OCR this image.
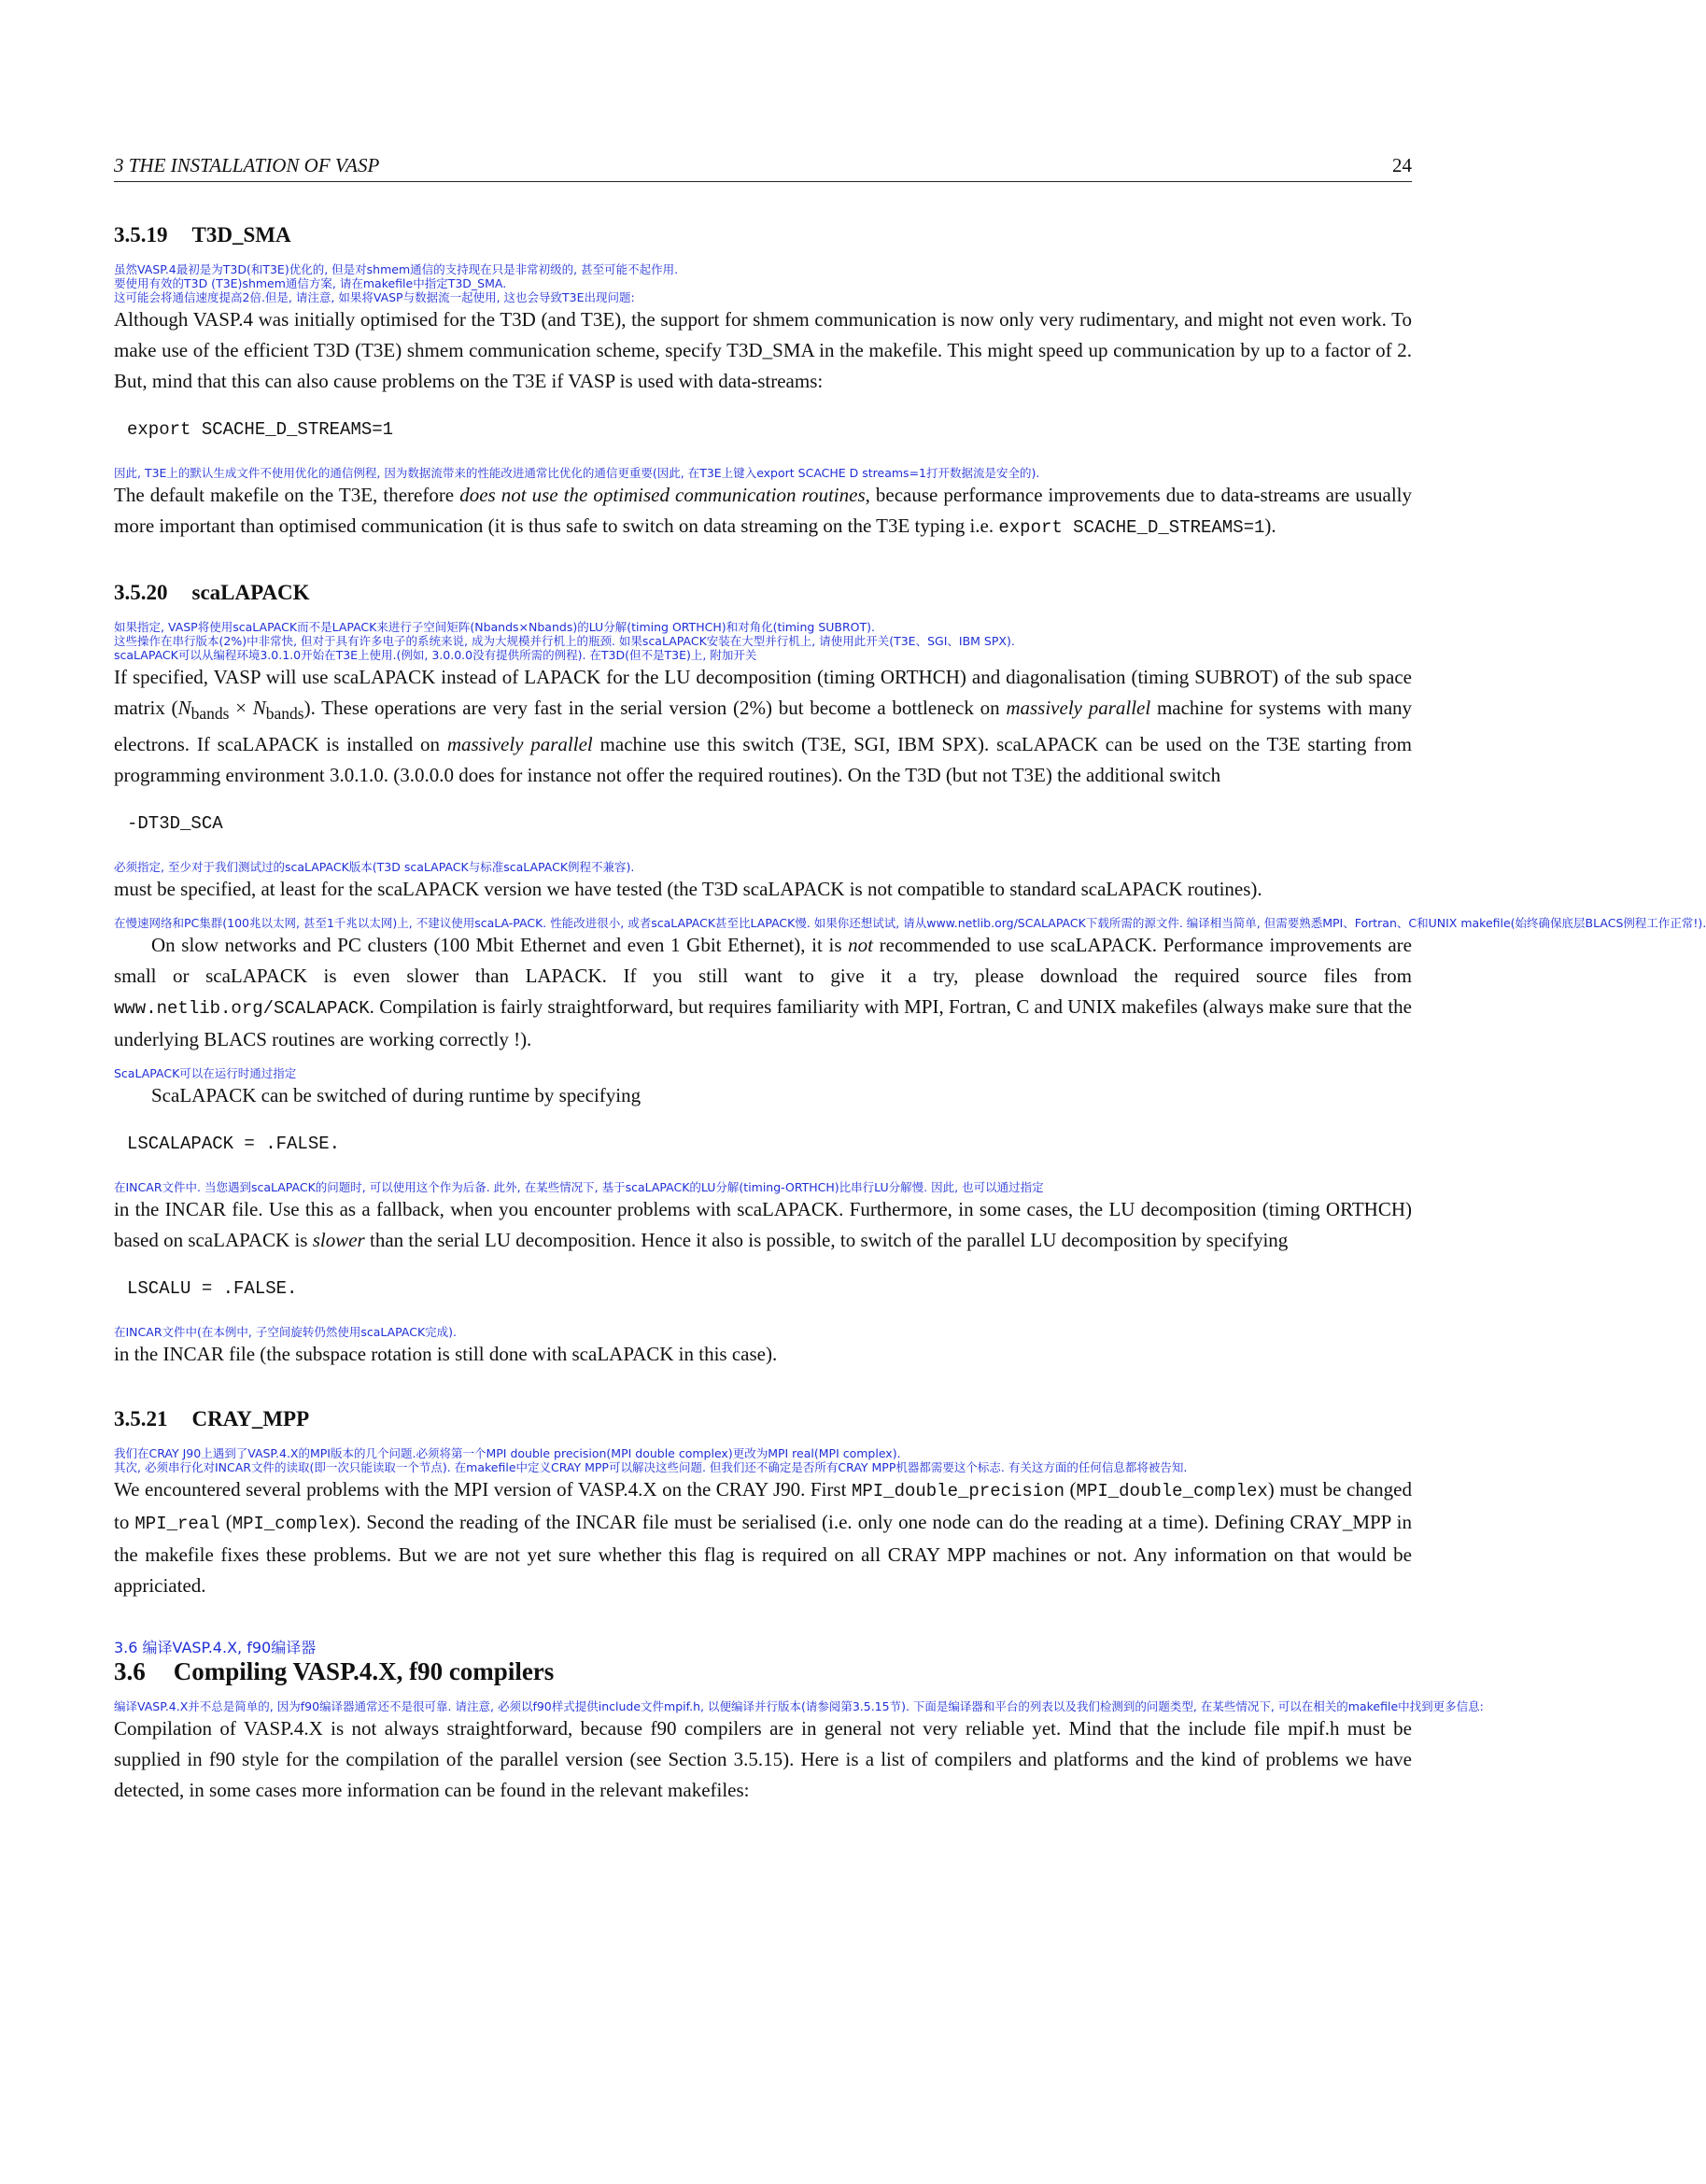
3 THE INSTALLATION OF VASP	24
3.5.19 T3D_SMA
虽然VASP.4最初是为T3D(和T3E)优化的, 但是对shmem通信的支持现在只是非常初级的, 甚至可能不起作用.
要使用有效的T3D (T3E)shmem通信方案, 请在makefile中指定T3D_SMA.
这可能会将通信速度提高2倍.但是, 请注意, 如果将VASP与数据流一起使用, 这也会导致T3E出现问题:

Although VASP.4 was initially optimised for the T3D (and T3E), the support for shmem communication is now only very rudimentary, and might not even work. To make use of the efficient T3D (T3E) shmem communication scheme, specify T3D_SMA in the makefile. This might speed up communication by up to a factor of 2. But, mind that this can also cause problems on the T3E if VASP is used with data-streams:

export SCACHE_D_STREAMS=1
因此, T3E上的默认生成文件不使用优化的通信例程, 因为数据流带来的性能改进通常比优化的通信更重要(因此, 在T3E上键入export SCACHE D streams=1打开数据流是安全的).

The default makefile on the T3E, therefore does not use the optimised communication routines, because performance improvements due to data-streams are usually more important than optimised communication (it is thus safe to switch on data streaming on the T3E typing i.e. export SCACHE_D_STREAMS=1).

3.5.20 scaLAPACK
如果指定, VASP将使用scaLAPACK而不是LAPACK来进行子空间矩阵(Nbands×Nbands)的LU分解(timing ORTHCH)和对角化(timing SUBROT).
这些操作在串行版本(2%)中非常快, 但对于具有许多电子的系统来说, 成为大规模并行机上的瓶颈. 如果scaLAPACK安装在大型并行机上, 请使用此开关(T3E、SGI、IBM SPX).
scaLAPACK可以从编程环境3.0.1.0开始在T3E上使用.(例如, 3.0.0.0没有提供所需的例程). 在T3D(但不是T3E)上, 附加开关

If specified, VASP will use scaLAPACK instead of LAPACK for the LU decomposition (timing ORTHCH) and diagonalisation (timing SUBROT) of the sub space matrix $(N_{bands} \times N_{bands})$. These operations are very fast in the serial version (2%) but become a bottleneck on massively parallel machine for systems with many electrons. If scaLAPACK is installed on massively parallel machine use this switch (T3E, SGI, IBM SPX). scaLAPACK can be used on the T3E starting from programming environment 3.0.1.0. (3.0.0.0 does for instance not offer the required routines). On the T3D (but not T3E) the additional switch

-DT3D_SCA
必须指定, 至少对于我们测试过的scaLAPACK版本(T3D scaLAPACK与标准scaLAPACK例程不兼容).

must be specified, at least for the scaLAPACK version we have tested (the T3D scaLAPACK is not compatible to standard scaLAPACK routines).

在慢速网络和PC集群(100兆以太网, 甚至1千兆以太网)上, 不建议使用scaLA-PACK. 性能改进很小, 或者scaLAPACK甚至比LAPACK慢. 如果你还想试试, 请从www.netlib.org/SCALAPACK下载所需的源文件. 编译相当简单, 但需要熟悉MPI、Fortran、C和UNIX makefile(始终确保底层BLACS例程工作正常!).

On slow networks and PC clusters (100 Mbit Ethernet and even 1 Gbit Ethernet), it is not recommended to use scaLAPACK. Performance improvements are small or scaLAPACK is even slower than LAPACK. If you still want to give it a try, please download the required source files from www.netlib.org/SCALAPACK. Compilation is fairly straightforward, but requires familiarity with MPI, Fortran, C and UNIX makefiles (always make sure that the underlying BLACS routines are working correctly !).

ScaLAPACK可以在运行时通过指定

ScaLAPACK can be switched of during runtime by specifying

LSCALAPACK = .FALSE.
在INCAR文件中. 当您遇到scaLAPACK的问题时, 可以使用这个作为后备. 此外, 在某些情况下, 基于scaLAPACK的LU分解(timing-ORTHCH)比串行LU分解慢. 因此, 也可以通过指定

in the INCAR file. Use this as a fallback, when you encounter problems with scaLAPACK. Furthermore, in some cases, the LU decomposition (timing ORTHCH) based on scaLAPACK is slower than the serial LU decomposition. Hence it also is possible, to switch of the parallel LU decomposition by specifying

LSCALU = .FALSE.
在INCAR文件中(在本例中, 子空间旋转仍然使用scaLAPACK完成).

in the INCAR file (the subspace rotation is still done with scaLAPACK in this case).

3.5.21 CRAY_MPP
我们在CRAY J90上遇到了VASP.4.X的MPI版本的几个问题.必须将第一个MPI double precision(MPI double complex)更改为MPI real(MPI complex).
其次, 必须串行化对INCAR文件的读取(即一次只能读取一个节点). 在makefile中定义CRAY MPP可以解决这些问题. 但我们还不确定是否所有CRAY MPP机器都需要这个标志. 有关这方面的任何信息都将被告知.

We encountered several problems with the MPI version of VASP.4.X on the CRAY J90. First MPI_double_precision (MPI_double_complex) must be changed to MPI_real (MPI_complex). Second the reading of the INCAR file must be serialised (i.e. only one node can do the reading at a time). Defining CRAY_MPP in the makefile fixes these problems. But we are not yet sure whether this flag is required on all CRAY MPP machines or not. Any information on that would be appriciated.

3.6 编译VASP.4.X, f90编译器
3.6 Compiling VASP.4.X, f90 compilers
编译VASP.4.X并不总是简单的, 因为f90编译器通常还不是很可靠. 请注意, 必须以f90样式提供include文件mpif.h, 以便编译并行版本(请参阅第3.5.15节). 下面是编译器和平台的列表以及我们检测到的问题类型, 在某些情况下, 可以在相关的makefile中找到更多信息:

Compilation of VASP.4.X is not always straightforward, because f90 compilers are in general not very reliable yet. Mind that the include file mpif.h must be supplied in f90 style for the compilation of the parallel version (see Section 3.5.15). Here is a list of compilers and platforms and the kind of problems we have detected, in some cases more information can be found in the relevant makefiles:
